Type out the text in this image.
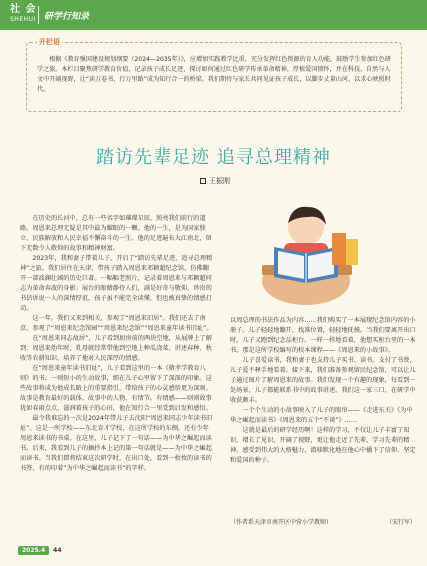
社 会
SHEHUI 研学行知录
开栏语
根据《教育强国建设规划纲要（2024—2035年）》，应增加实践教学比重，充分发挥红色资源的育人功能，鼓励学生参加红色研学之旅。本栏目聚焦研学教育价值，记录孩子成长足迹，探讨如何通过红色研学传承革命精神，厚植爱国情怀，并在科技、自然与人文中开阔视野，让“读万卷书，行万里路”成为知行合一的桥梁。我们期待与家长共同见证孩子成长，以脚步丈量山河，以求心映照时代。
踏访先辈足迹 追寻总理精神
王振刚

在历史的长河中，总有一些名字如璀璨星辰，照亮我们前行的道路。周恩来总理无疑是其中最为耀眼的一颗。他的一生，是为国家独立、民族解放和人民幸福不懈奋斗的一生。他的足迹遍布大江南北，留下无数令人敬仰的故事和精神财富。

2023年，我和妻子带着儿子，开启了“踏访先辈足迹，追寻总理精神”之旅。我们居住在天津，带孩子踏入周恩来邓颖超纪念馆，仿佛翻开一部波澜壮阔的历史巨著。一幅幅老照片，记录着周恩来与邓颖超同志为革命奔波的身影；展台的眼睛静待人们，满是好奇与敬仰，珍贵的书信诉说一人的深情厚谊，孩子虽不能完全读懂，但也被真挚的情感打动。

这一年，我们又来到相关，参观了“周恩来旧居”。我们还去了南京，参观了“周恩来纪念馆园”“周恩来纪念馆”“周恩来童年读书旧址”。

在“周恩来同志故居”，儿子看到厨房前的两块空地，从展牌上了解到：周恩来幼年时，乳母就经常带他到空地上种瓜浇菜，讲述春种、秋收等农耕知识，培养了他对人民深厚的情感。

在“周恩来童年读书旧址”，儿子看到这里的一本《敬孝学教育八则》的书。一则短小的生动故事，细在儿子心里留下了深深的印象。这些故事将成为他成长路上的重要指引，带给孩子的心灵感悟更为深刻。故事是教育最好的载体。故事中的人物、有情节，有情感——则则故事犹如春雨点点，滋润着孩子的心田，他在知行合一里受到启发和感悟。

最令我难忘的一次是2024年带儿子去沈阳“周恩来同志少年读书旧址”。这是一所学校——东北育才学校，在这所学校的东侧，还有少年周恩来读书的书桌。在这里，儿子记下了一句话——为中华之崛起而读书。后来，我看到儿子的摘抄本上记的第一句话就是——为中华之崛起而读书。当我们即将结束这次研学时，在出口处，看到一枚枚的读书的书签，有的印着“为中华之崛起而读书”的字样。

以周总理的书法作品为内容……我们购买了一本展现纪念馆内容的小册子。儿子轻轻地翻开，找准位置，轻轻地抚摸。当我们要离开出口时，儿子又跑到纪念品柜台。一样一样地看着，他想买柜台里的一本书。那是这所学校编写的校本课程——《周恩来的小故事》。

儿子喜爱读书，我和妻子也支持儿子买书、读书。支付了书费，儿子爱不释手地看着。接下来，我们准备参观留民纪念馆，可以让儿子通过图片了解周恩来的故事。我们发现一个有趣的现象，每看到一处场景，儿子都能联系书中的故事讲述。我们这一家三口，在研学中收获颇丰。

一个个生动的小故事映入了儿子的眼帘——《走进东关》《为中华之崛起而读书》《周恩来的五个“不谈”》……

这就是最后的研学经历啊！这样的学习，不仅让儿子丰富了知识、增长了见识，开阔了视野，更让他走近了先辈，学习先辈的精神，感受到伟大的人格魅力，潜移默化地在他心中播下了信仰、坚定和爱国的种子。

（作者系天津市南开区中营小学教师）	（宋行军）
2025.4	44
